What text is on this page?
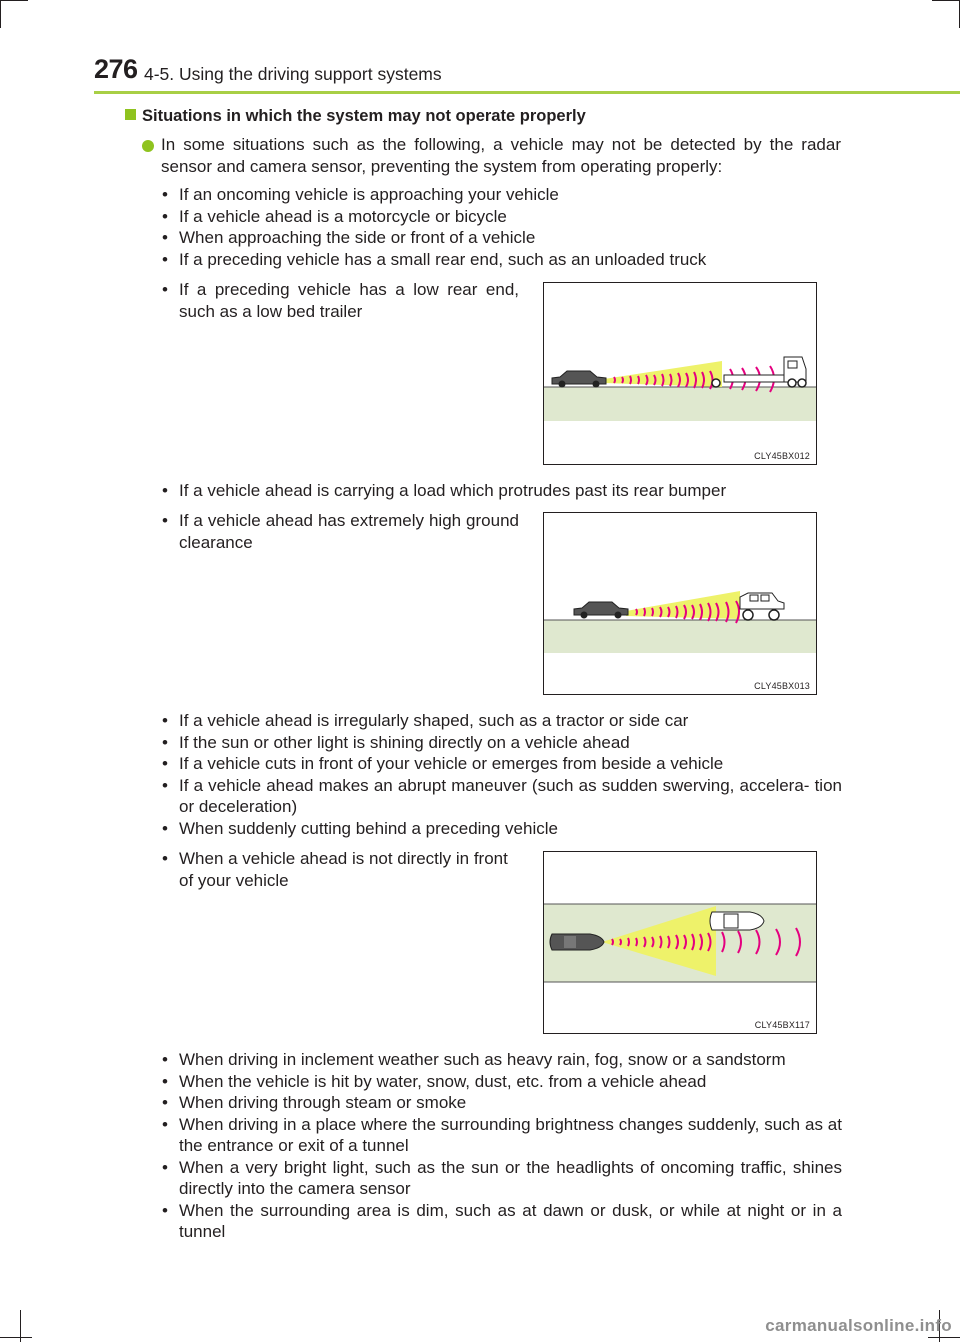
276 4-5. Using the driving support systems
Situations in which the system may not operate properly
In some situations such as the following, a vehicle may not be detected by the radar sensor and camera sensor, preventing the system from operating properly:
• If an oncoming vehicle is approaching your vehicle
• If a vehicle ahead is a motorcycle or bicycle
• When approaching the side or front of a vehicle
• If a preceding vehicle has a small rear end, such as an unloaded truck
• If a preceding vehicle has a low rear end, such as a low bed trailer
CLY45BX012
• If a vehicle ahead is carrying a load which protrudes past its rear bumper
• If a vehicle ahead has extremely high ground clearance
CLY45BX013
• If a vehicle ahead is irregularly shaped, such as a tractor or side car
• If the sun or other light is shining directly on a vehicle ahead
• If a vehicle cuts in front of your vehicle or emerges from beside a vehicle
• If a vehicle ahead makes an abrupt maneuver (such as sudden swerving, accelera- tion or deceleration)
• When suddenly cutting behind a preceding vehicle
• When a vehicle ahead is not directly in front of your vehicle
CLY45BX117
• When driving in inclement weather such as heavy rain, fog, snow or a sandstorm
• When the vehicle is hit by water, snow, dust, etc. from a vehicle ahead
• When driving through steam or smoke
• When driving in a place where the surrounding brightness changes suddenly, such as at the entrance or exit of a tunnel
• When a very bright light, such as the sun or the headlights of oncoming traffic, shines directly into the camera sensor
• When the surrounding area is dim, such as at dawn or dusk, or while at night or in a tunnel
carmanualsonline.info
